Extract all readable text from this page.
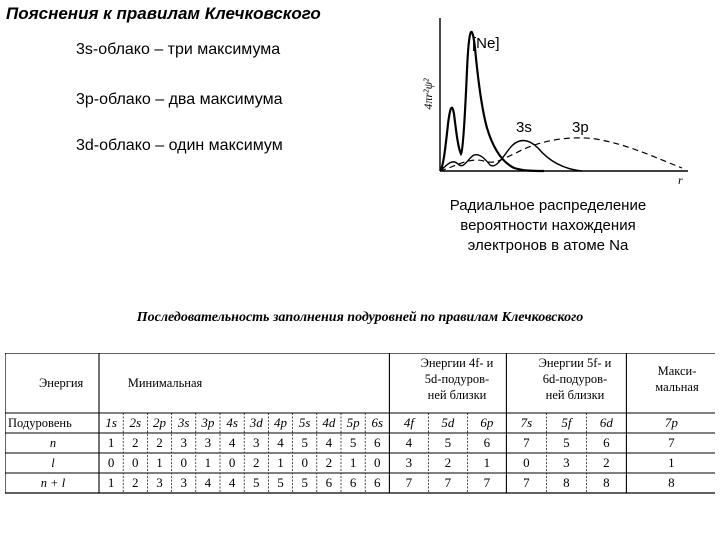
Пояснения к правилам Клечковского
3s-облако – три максимума
3p-облако – два максимума
3d-облако – один максимум
[Ne]
4πr²ψ²
3s	3p
r
Радиальное распределение
вероятности нахождения
электронов в атоме Na
Последовательность заполнения подуровней по правилам Клечковского
Энергия	Минимальная
Энергии 4f- и
5d-подуров-
ней близки
Энергии 5f- и
6d-подуров-
ней близки
Макси-
мальная
Подуровень
n
l
n + l
1s
1
0
1
2s
2
0
2
2p
2
1
3
3s
3
0
3
3p
3
1
4
4s
4
0
4
3d
3
2
5
4p
4
1
5
5s
5
0
5
4d
4
2
6
5p
5
1
6
6s
6
0
6
4f
4
3
7
5d
5
2
7
6p
6
1
7
7s
7
0
7
5f
5
3
8
6d
6
2
8
7p
7
1
8
